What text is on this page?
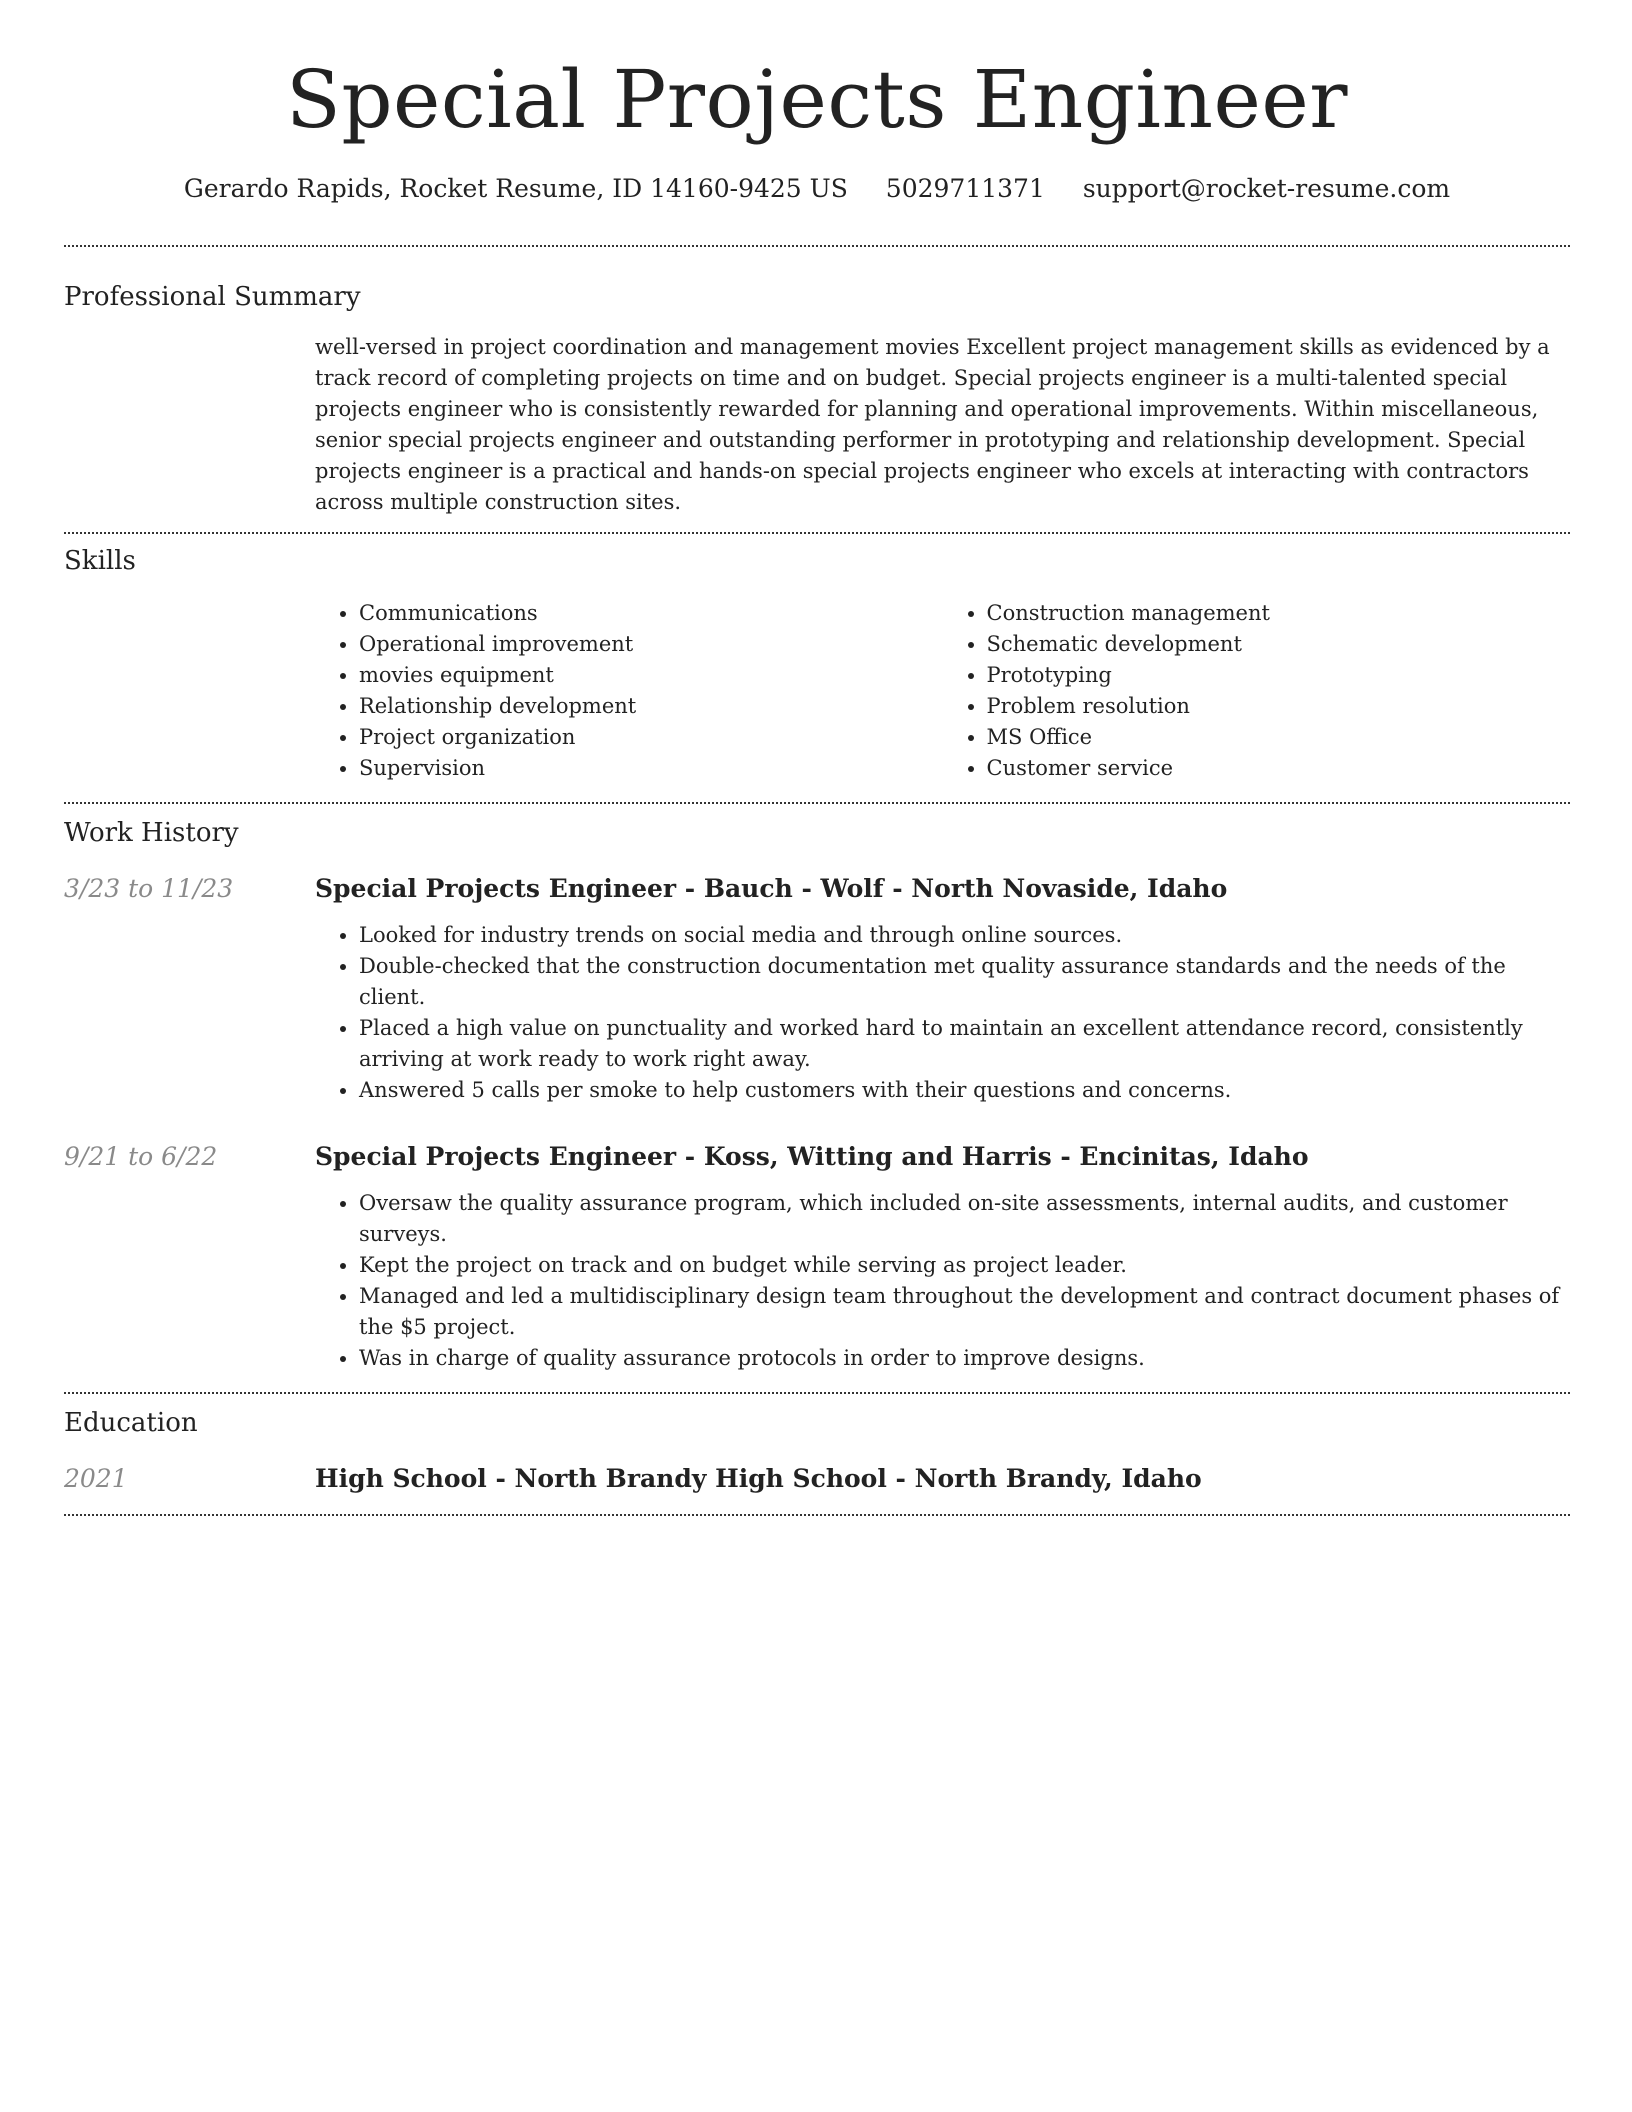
Special Projects Engineer
Gerardo Rapids, Rocket Resume, ID 14160-9425 US 5029711371 support@rocket-resume.com
Professional Summary

well-versed in project coordination and management movies Excellent project management skills as evidenced by a track record of completing projects on time and on budget. Special projects engineer is a multi-talented special projects engineer who is consistently rewarded for planning and operational improvements. Within miscellaneous, senior special projects engineer and outstanding performer in prototyping and relationship development. Special projects engineer is a practical and hands-on special projects engineer who excels at interacting with contractors across multiple construction sites.

Skills
• Communications
• Operational improvement
• movies equipment
• Relationship development
• Project organization
• Supervision
• Construction management
• Schematic development
• Prototyping
• Problem resolution
• MS Office
• Customer service
Work History
3/23 to 11/23	Special Projects Engineer - Bauch - Wolf - North Novaside, Idaho
• Looked for industry trends on social media and through online sources.
• Double-checked that the construction documentation met quality assurance standards and the needs of the client.
• Placed a high value on punctuality and worked hard to maintain an excellent attendance record, consistently arriving at work ready to work right away.
• Answered 5 calls per smoke to help customers with their questions and concerns.
9/21 to 6/22	Special Projects Engineer - Koss, Witting and Harris - Encinitas, Idaho
• Oversaw the quality assurance program, which included on-site assessments, internal audits, and customer surveys.
• Kept the project on track and on budget while serving as project leader.
• Managed and led a multidisciplinary design team throughout the development and contract document phases of the $5 project.
• Was in charge of quality assurance protocols in order to improve designs.
Education
2021	High School - North Brandy High School - North Brandy, Idaho
